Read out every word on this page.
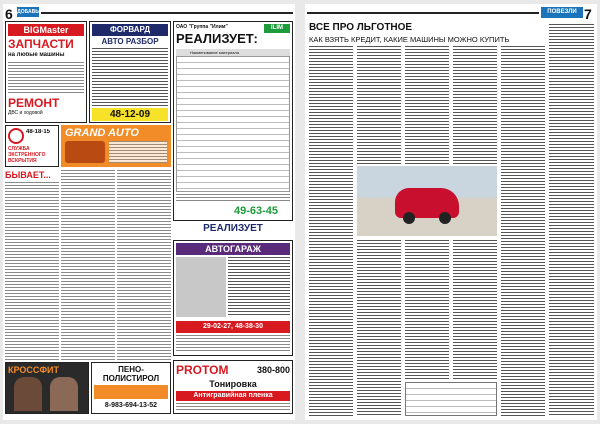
6 ДОБАВЬ
BIGMaster
ЗАПЧАСТИ
на любые машины
РЕМОНТ
ДВС и ходовой
ФОРВАРД
АВТО РАЗБОР
48-12-09
ОАО "Группа "Илим"	ILIM
РЕАЛИЗУЕТ:
Наименование материала
49-63-45
48-18-15
СЛУЖБА
ЭКСТРЕННОГО
ВСКРЫТИЯ
GRAND AUTO
БЫВАЕТ...
РЕАЛИЗУЕТ
АВТОГАРАЖ
29-02-27, 48-38-30
КРОССФИТ	ПЕНО-ПОЛИСТИРОЛ
8-983-694-13-52
PROTOM	380-800
Тонировка
Антигравийная пленка
ПОВЕЗЛИ 7
ВСЕ ПРО ЛЬГОТНОЕ
КАК ВЗЯТЬ КРЕДИТ, КАКИЕ МАШИНЫ МОЖНО КУПИТЬ
